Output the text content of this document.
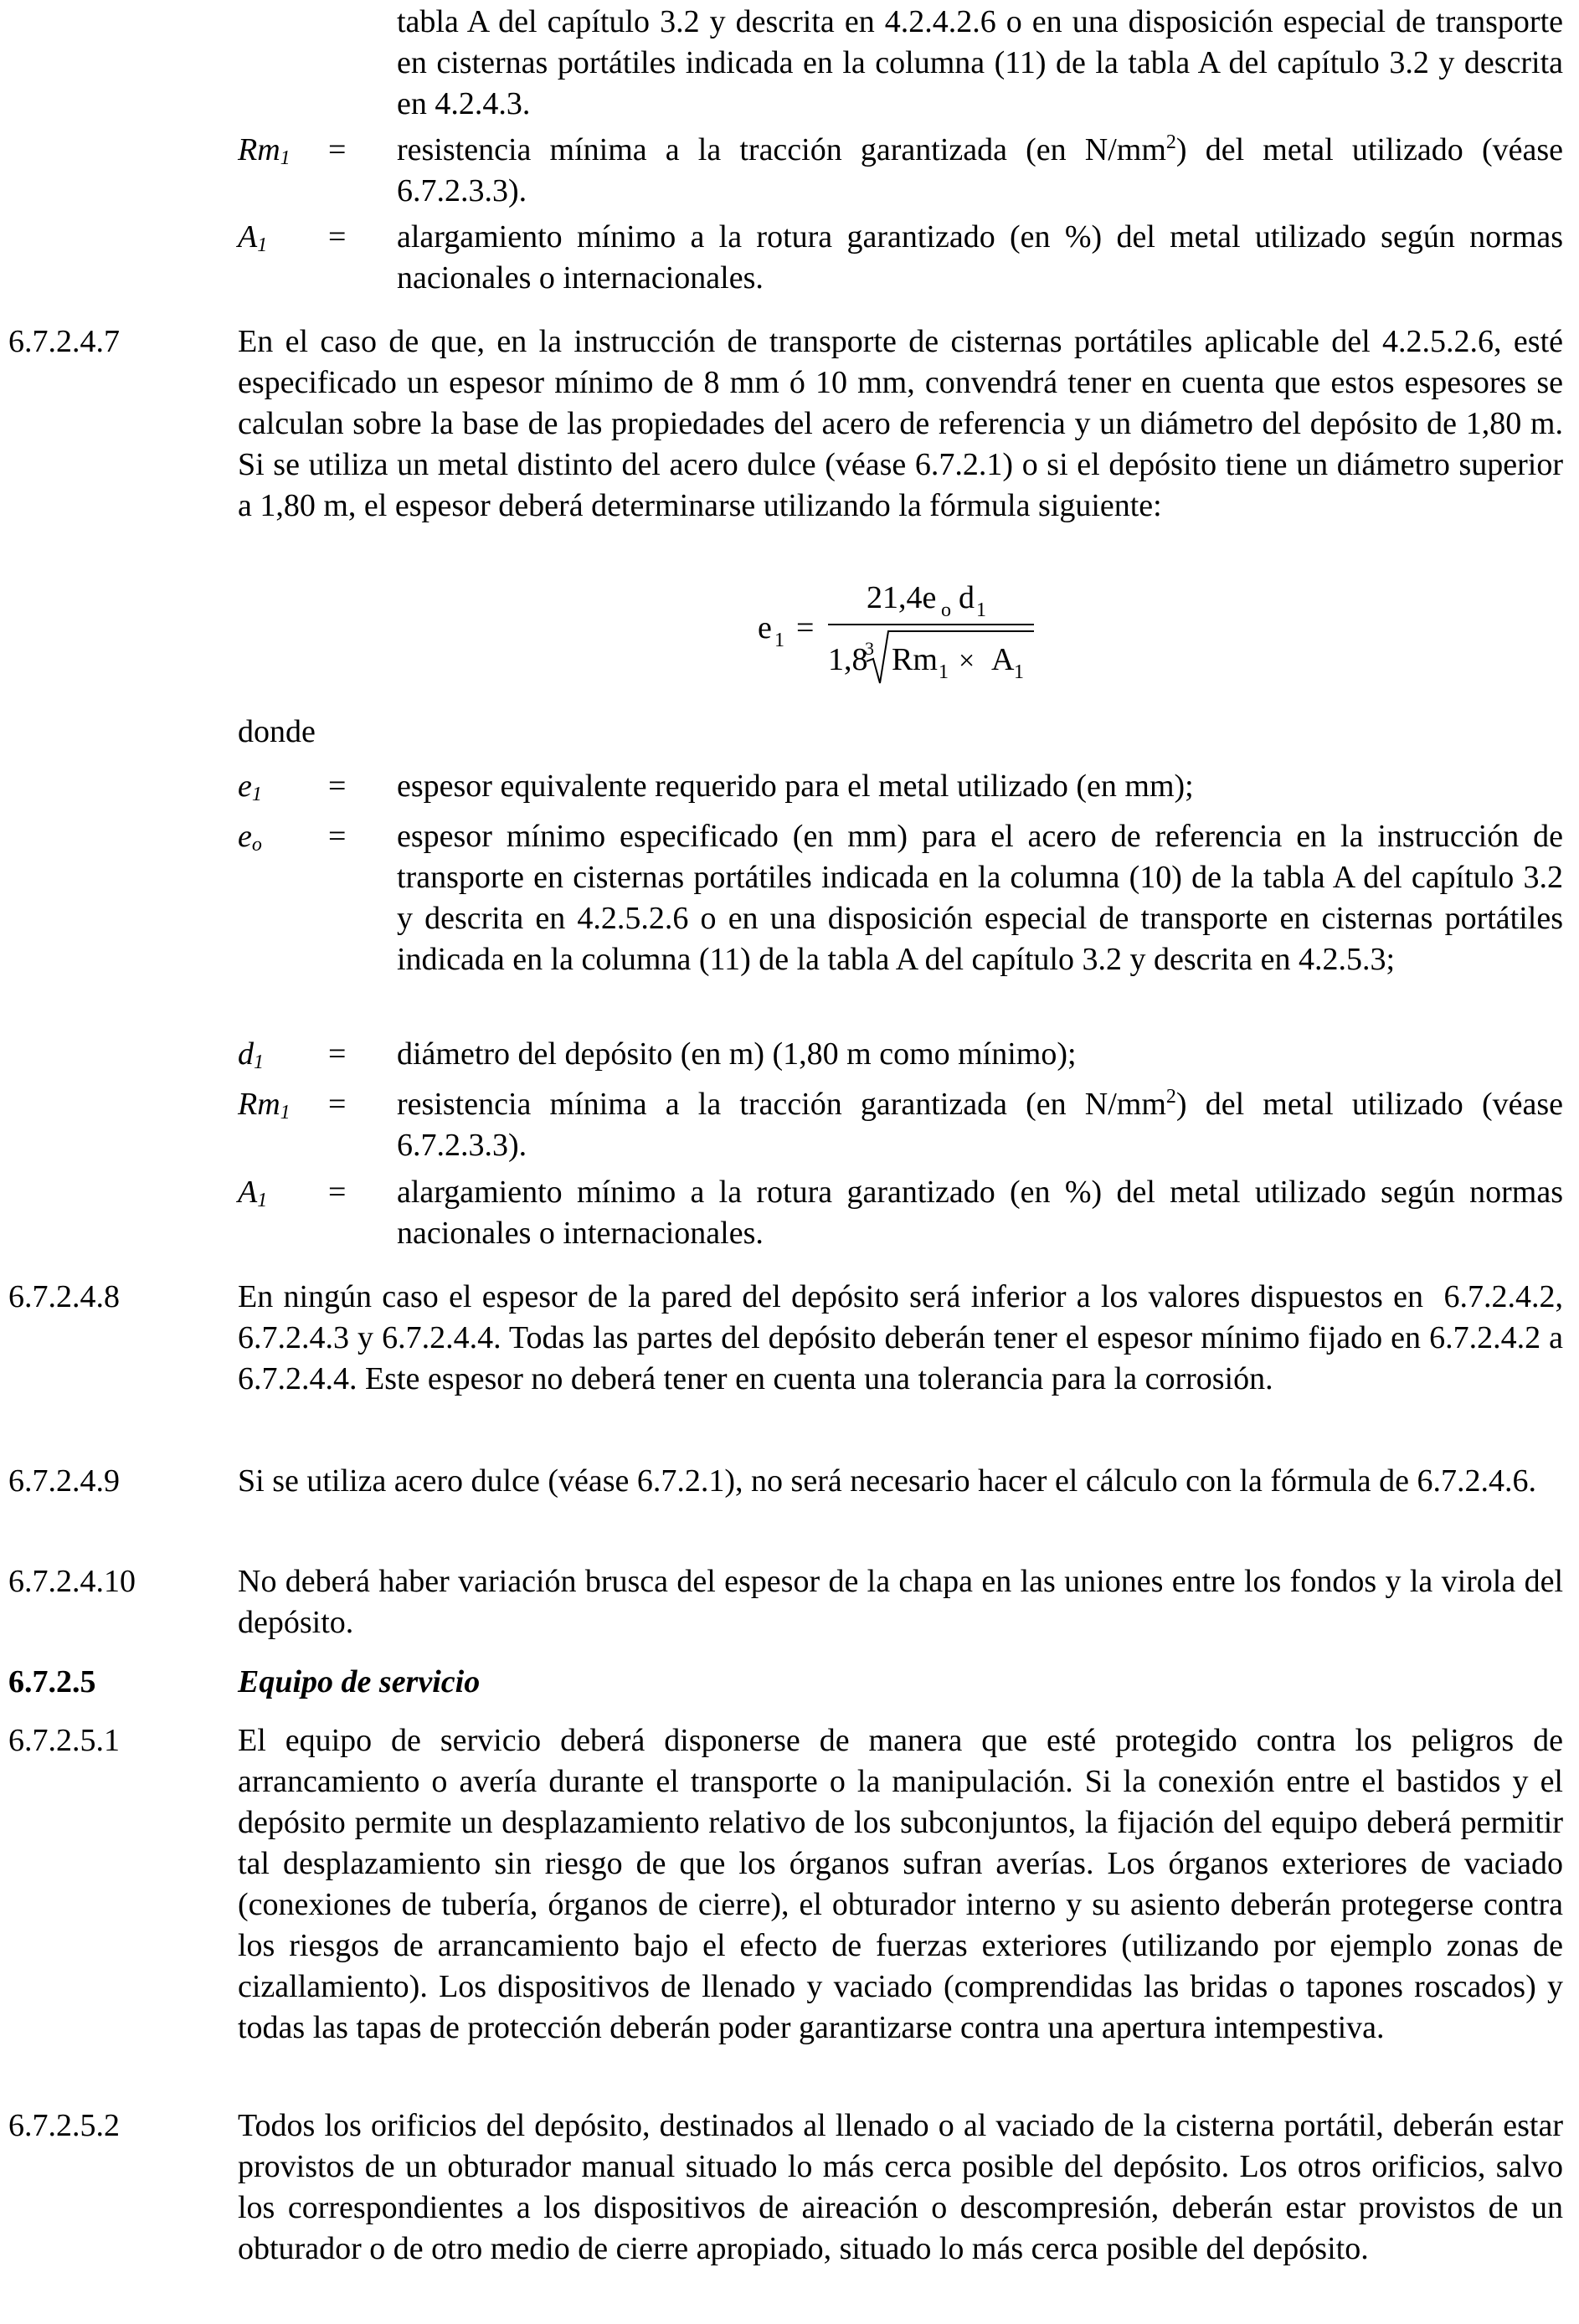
tabla A del capítulo 3.2 y descrita en 4.2.4.2.6 o en una disposición especial de transporte en cisternas portátiles indicada en la columna (11) de la tabla A del capítulo 3.2 y descrita en 4.2.4.3.
$Rm_1$ = resistencia mínima a la tracción garantizada (en $N/mm^2$) del metal utilizado (véase 6.7.2.3.3).
$A_1$ = alargamiento mínimo a la rotura garantizado (en %) del metal utilizado según normas nacionales o internacionales.
6.7.2.4.7	En el caso de que, en la instrucción de transporte de cisternas portátiles aplicable del 4.2.5.2.6, esté especificado un espesor mínimo de 8 mm ó 10 mm, convendrá tener en cuenta que estos espesores se calculan sobre la base de las propiedades del acero de referencia y un diámetro del depósito de 1,80 m. Si se utiliza un metal distinto del acero dulce (véase 6.7.2.1) o si el depósito tiene un diámetro superior a 1,80 m, el espesor deberá determinarse utilizando la fórmula siguiente:
e 1 =
21,4e o d 1
1,8
3 Rm 1 × A 1
donde
$e_1$ = espesor equivalente requerido para el metal utilizado (en mm);
$e_o$ = espesor mínimo especificado (en mm) para el acero de referencia en la instrucción de transporte en cisternas portátiles indicada en la columna (10) de la tabla A del capítulo 3.2 y descrita en 4.2.5.2.6 o en una disposición especial de transporte en cisternas portátiles indicada en la columna (11) de la tabla A del capítulo 3.2 y descrita en 4.2.5.3;
$d_1$ = diámetro del depósito (en m) (1,80 m como mínimo);
$Rm_1$ = resistencia mínima a la tracción garantizada (en $N/mm^2$) del metal utilizado (véase 6.7.2.3.3).
$A_1$ = alargamiento mínimo a la rotura garantizado (en %) del metal utilizado según normas nacionales o internacionales.
6.7.2.4.8	En ningún caso el espesor de la pared del depósito será inferior a los valores dispuestos en  6.7.2.4.2, 6.7.2.4.3 y 6.7.2.4.4. Todas las partes del depósito deberán tener el espesor mínimo fijado en 6.7.2.4.2 a 6.7.2.4.4. Este espesor no deberá tener en cuenta una tolerancia para la corrosión.
6.7.2.4.9	Si se utiliza acero dulce (véase 6.7.2.1), no será necesario hacer el cálculo con la fórmula de 6.7.2.4.6.
6.7.2.4.10	No deberá haber variación brusca del espesor de la chapa en las uniones entre los fondos y la virola del depósito.
6.7.2.5	Equipo de servicio
6.7.2.5.1	El equipo de servicio deberá disponerse de manera que esté protegido contra los peligros de arrancamiento o avería durante el transporte o la manipulación. Si la conexión entre el bastidos y el depósito permite un desplazamiento relativo de los subconjuntos, la fijación del equipo deberá permitir tal desplazamiento sin riesgo de que los órganos sufran averías. Los órganos exteriores de vaciado (conexiones de tubería, órganos de cierre), el obturador interno y su asiento deberán protegerse contra los riesgos de arrancamiento bajo el efecto de fuerzas exteriores (utilizando por ejemplo zonas de cizallamiento). Los dispositivos de llenado y vaciado (comprendidas las bridas o tapones roscados) y todas las tapas de protección deberán poder garantizarse contra una apertura intempestiva.
6.7.2.5.2	Todos los orificios del depósito, destinados al llenado o al vaciado de la cisterna portátil, deberán estar provistos de un obturador manual situado lo más cerca posible del depósito. Los otros orificios, salvo los correspondientes a los dispositivos de aireación o descompresión, deberán estar provistos de un obturador o de otro medio de cierre apropiado, situado lo más cerca posible del depósito.
